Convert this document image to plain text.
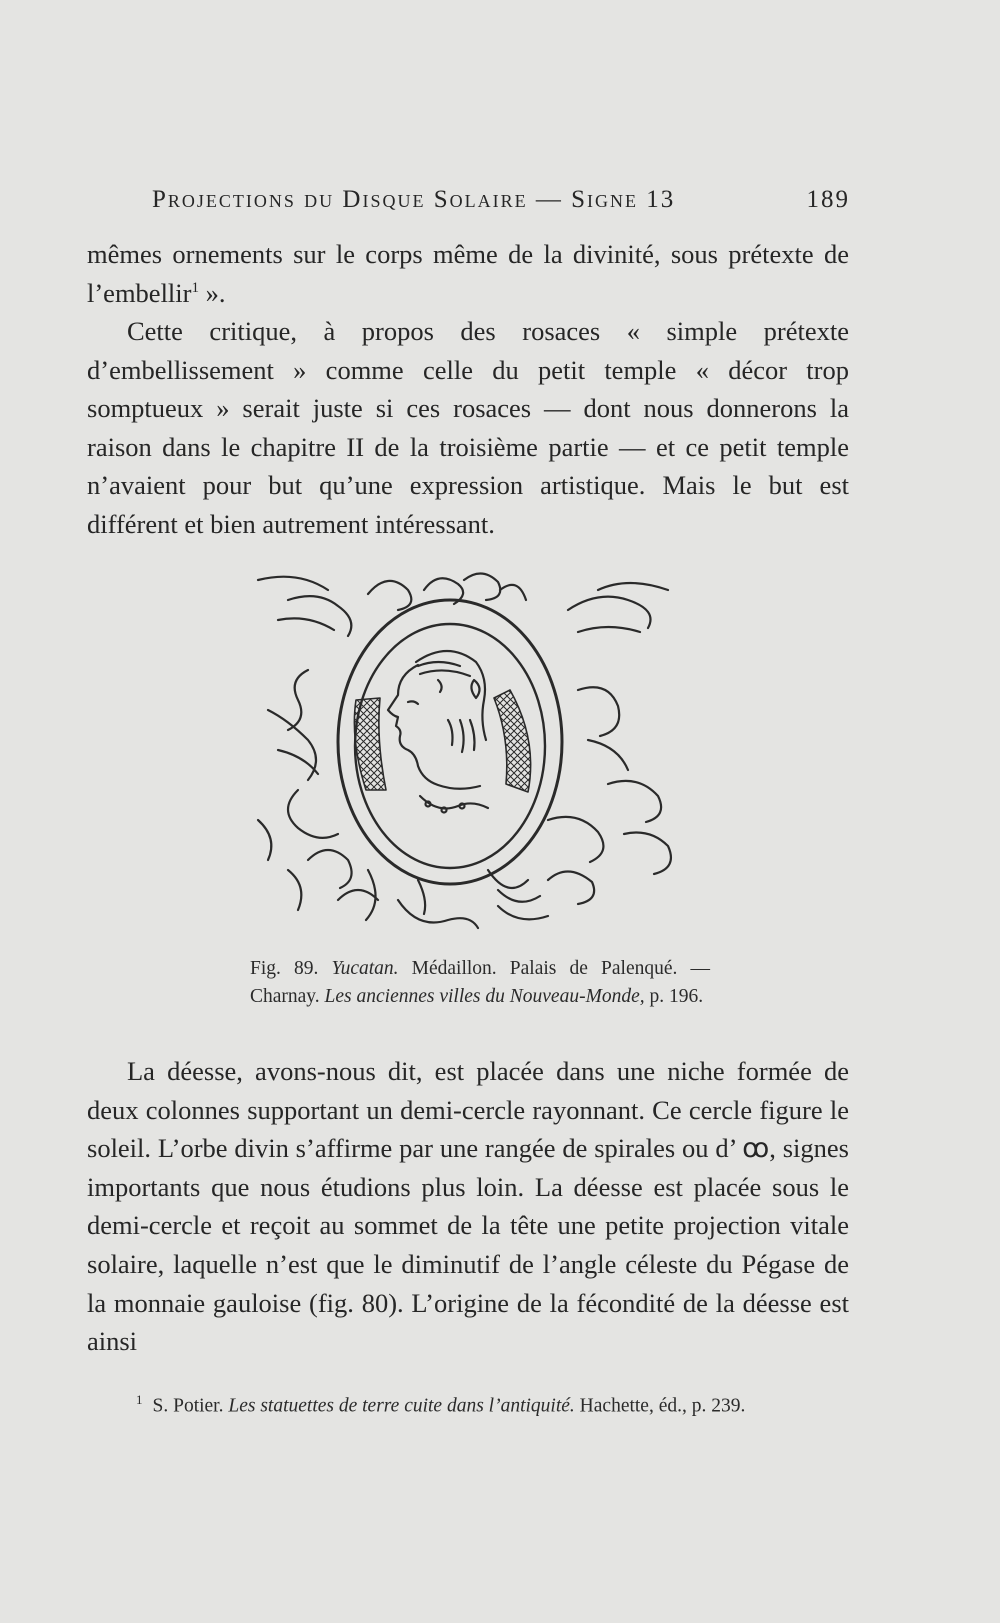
Projections du Disque Solaire — Signe 13	189

mêmes ornements sur le corps même de la divinité, sous prétexte de l’embellir$^1$ ».

Cette critique, à propos des rosaces « simple prétexte d’embellissement » comme celle du petit temple « décor trop somptueux » serait juste si ces rosaces — dont nous donnerons la raison dans le chapitre II de la troisième partie — et ce petit temple n’avaient pour but qu’une expression artistique. Mais le but est différent et bien autrement intéressant.

Fig. 89. Yucatan. Médaillon. Palais de Palenqué. — Charnay. Les anciennes villes du Nouveau-Monde, p. 196.

La déesse, avons-nous dit, est placée dans une niche formée de deux colonnes supportant un demi-cercle rayonnant. Ce cercle figure le soleil. L’orbe divin s’affirme par une rangée de spirales ou d’ ꝏ, signes importants que nous étudions plus loin. La déesse est placée sous le demi-cercle et reçoit au sommet de la tête une petite projection vitale solaire, laquelle n’est que le diminutif de l’angle céleste du Pégase de la monnaie gauloise (fig. 80). L’origine de la fécondité de la déesse est ainsi

$^1$ S. Potier. Les statuettes de terre cuite dans l’antiquité. Hachette, éd., p. 239.
